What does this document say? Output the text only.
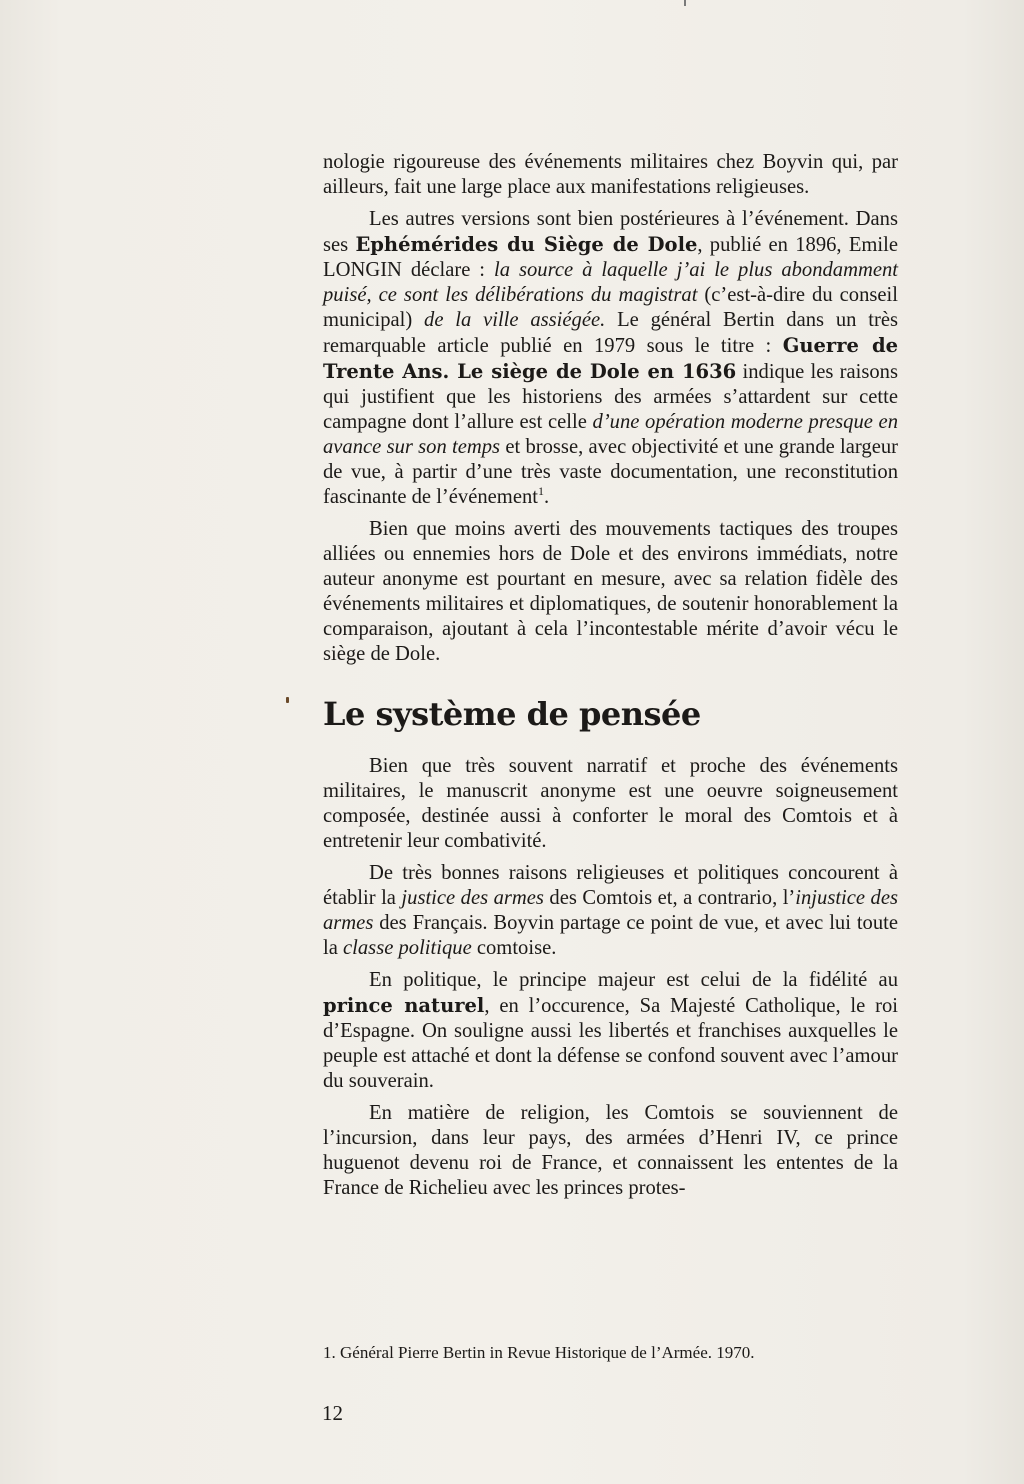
nologie rigoureuse des événements militaires chez Boyvin qui, par ailleurs, fait une large place aux manifestations religieuses.

Les autres versions sont bien postérieures à l’événement. Dans ses Ephémérides du Siège de Dole, publié en 1896, Emile LONGIN déclare : la source à laquelle j’ai le plus abondamment puisé, ce sont les délibérations du magistrat (c’est-à-dire du conseil municipal) de la ville assiégée. Le général Bertin dans un très remarquable article publié en 1979 sous le titre : Guerre de Trente Ans. Le siège de Dole en 1636 indique les raisons qui justifient que les historiens des armées s’attardent sur cette campagne dont l’allure est celle d’une opération moderne presque en avance sur son temps et brosse, avec objectivité et une grande largeur de vue, à partir d’une très vaste documentation, une reconstitution fascinante de l’événement$^1$.

Bien que moins averti des mouvements tactiques des troupes alliées ou ennemies hors de Dole et des environs immédiats, notre auteur anonyme est pourtant en mesure, avec sa relation fidèle des événements militaires et diplomatiques, de soutenir honorablement la comparaison, ajoutant à cela l’incontestable mérite d’avoir vécu le siège de Dole.

Le système de pensée

Bien que très souvent narratif et proche des événements militaires, le manuscrit anonyme est une oeuvre soigneusement composée, destinée aussi à conforter le moral des Comtois et à entretenir leur combativité.

De très bonnes raisons religieuses et politiques concourent à établir la justice des armes des Comtois et, a contrario, l’injustice des armes des Français. Boyvin partage ce point de vue, et avec lui toute la classe politique comtoise.

En politique, le principe majeur est celui de la fidélité au prince naturel, en l’occurence, Sa Majesté Catholique, le roi d’Espagne. On souligne aussi les libertés et franchises auxquelles le peuple est attaché et dont la défense se confond souvent avec l’amour du souverain.

En matière de religion, les Comtois se souviennent de l’incursion, dans leur pays, des armées d’Henri IV, ce prince huguenot devenu roi de France, et connaissent les ententes de la France de Richelieu avec les princes protes-

1. Général Pierre Bertin in Revue Historique de l’Armée. 1970.
12
